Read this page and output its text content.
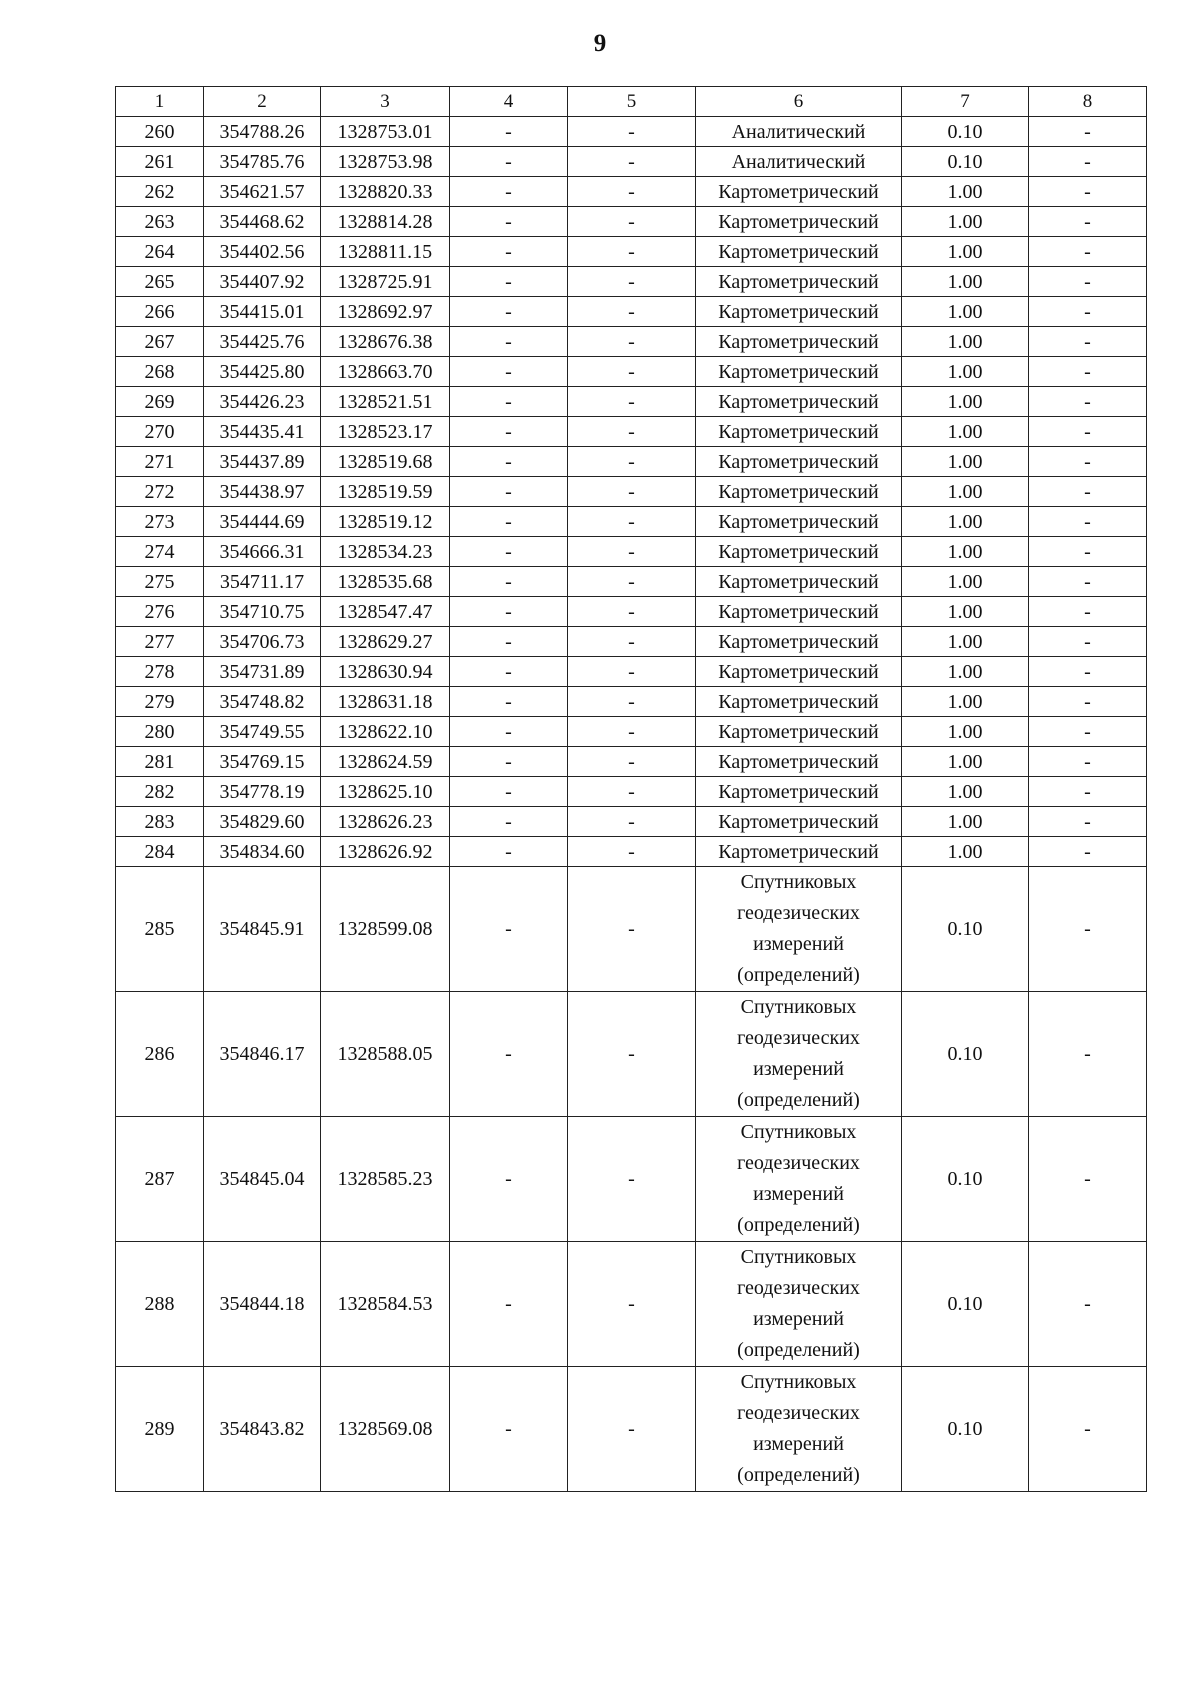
9
1	2	3	4	5	6	7	8
260	354788.26	1328753.01	-	-	Аналитический	0.10	-
261	354785.76	1328753.98	-	-	Аналитический	0.10	-
262	354621.57	1328820.33	-	-	Картометрический	1.00	-
263	354468.62	1328814.28	-	-	Картометрический	1.00	-
264	354402.56	1328811.15	-	-	Картометрический	1.00	-
265	354407.92	1328725.91	-	-	Картометрический	1.00	-
266	354415.01	1328692.97	-	-	Картометрический	1.00	-
267	354425.76	1328676.38	-	-	Картометрический	1.00	-
268	354425.80	1328663.70	-	-	Картометрический	1.00	-
269	354426.23	1328521.51	-	-	Картометрический	1.00	-
270	354435.41	1328523.17	-	-	Картометрический	1.00	-
271	354437.89	1328519.68	-	-	Картометрический	1.00	-
272	354438.97	1328519.59	-	-	Картометрический	1.00	-
273	354444.69	1328519.12	-	-	Картометрический	1.00	-
274	354666.31	1328534.23	-	-	Картометрический	1.00	-
275	354711.17	1328535.68	-	-	Картометрический	1.00	-
276	354710.75	1328547.47	-	-	Картометрический	1.00	-
277	354706.73	1328629.27	-	-	Картометрический	1.00	-
278	354731.89	1328630.94	-	-	Картометрический	1.00	-
279	354748.82	1328631.18	-	-	Картометрический	1.00	-
280	354749.55	1328622.10	-	-	Картометрический	1.00	-
281	354769.15	1328624.59	-	-	Картометрический	1.00	-
282	354778.19	1328625.10	-	-	Картометрический	1.00	-
283	354829.60	1328626.23	-	-	Картометрический	1.00	-
284	354834.60	1328626.92	-	-	Картометрический	1.00	-
285	354845.91	1328599.08	-	-	Спутниковых
геодезических
измерений
(определений)	0.10	-
286	354846.17	1328588.05	-	-	Спутниковых
геодезических
измерений
(определений)	0.10	-
287	354845.04	1328585.23	-	-	Спутниковых
геодезических
измерений
(определений)	0.10	-
288	354844.18	1328584.53	-	-	Спутниковых
геодезических
измерений
(определений)	0.10	-
289	354843.82	1328569.08	-	-	Спутниковых
геодезических
измерений
(определений)	0.10	-
